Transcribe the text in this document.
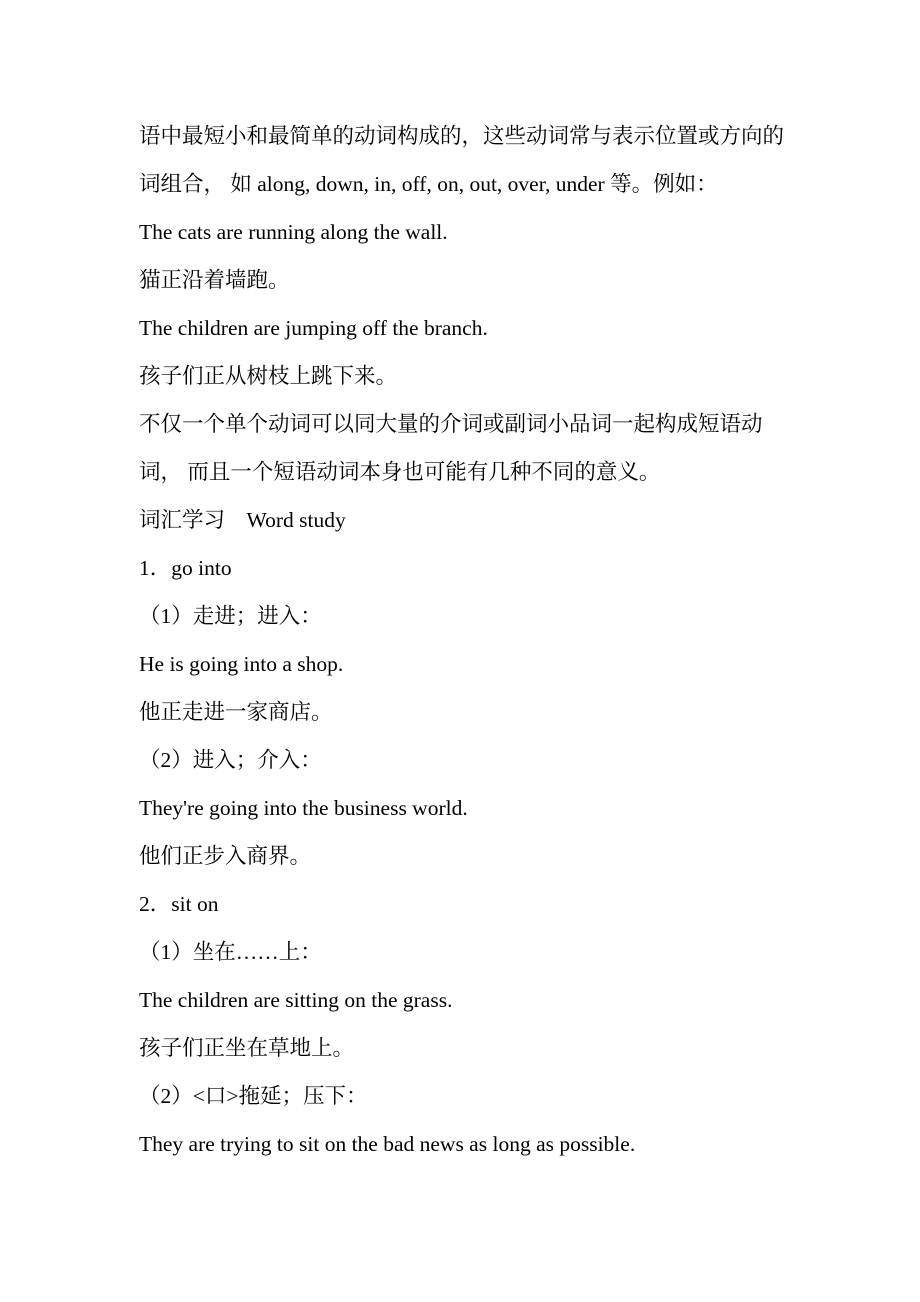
语中最短小和最简单的动词构成的，这些动词常与表示位置或方向的
词组合， 如 along, down, in, off, on, out, over, under 等。例如：
The cats are running along the wall.
猫正沿着墙跑。
The children are jumping off the branch.
孩子们正从树枝上跳下来。
不仅一个单个动词可以同大量的介词或副词小品词一起构成短语动
词， 而且一个短语动词本身也可能有几种不同的意义。
词汇学习　Word study
1．go into
（1）走进；进入：
He is going into a shop.
他正走进一家商店。
（2）进入；介入：
They're going into the business world.
他们正步入商界。
2．sit on
（1）坐在……上：
The children are sitting on the grass.
孩子们正坐在草地上。
（2）<口>拖延；压下：
They are trying to sit on the bad news as long as possible.
